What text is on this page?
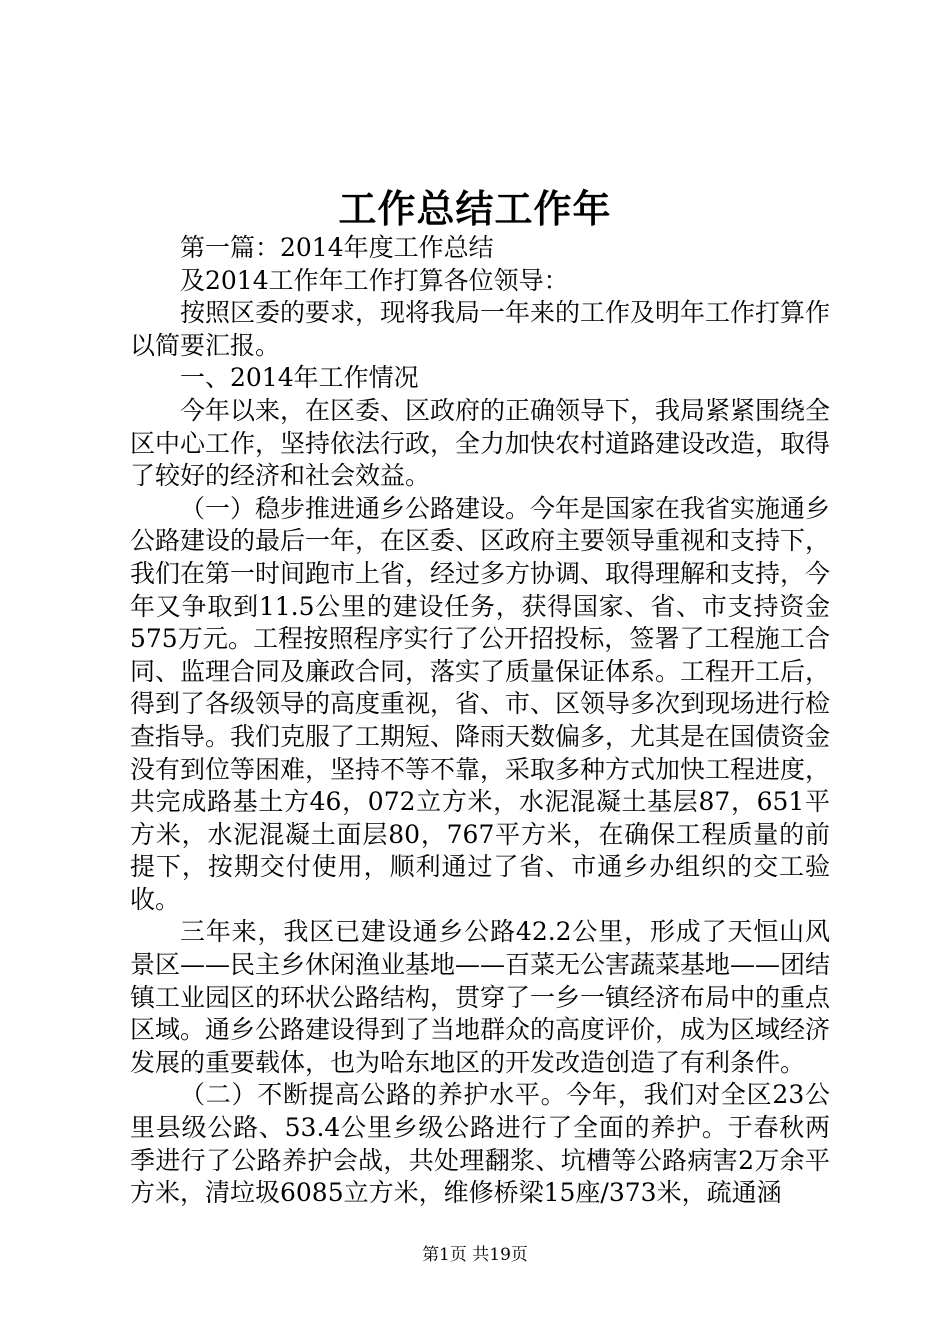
工作总结工作年

第一篇：2014年度工作总结

及2014工作年工作打算各位领导：

按照区委的要求，现将我局一年来的工作及明年工作打算作以简要汇报。

一、2014年工作情况

今年以来，在区委、区政府的正确领导下，我局紧紧围绕全区中心工作，坚持依法行政，全力加快农村道路建设改造，取得了较好的经济和社会效益。

（一）稳步推进通乡公路建设。今年是国家在我省实施通乡公路建设的最后一年，在区委、区政府主要领导重视和支持下，我们在第一时间跑市上省，经过多方协调、取得理解和支持，今年又争取到11.5公里的建设任务，获得国家、省、市支持资金575万元。工程按照程序实行了公开招投标，签署了工程施工合同、监理合同及廉政合同，落实了质量保证体系。工程开工后，得到了各级领导的高度重视，省、市、区领导多次到现场进行检查指导。我们克服了工期短、降雨天数偏多，尤其是在国债资金没有到位等困难，坚持不等不靠，采取多种方式加快工程进度，共完成路基土方46，072立方米，水泥混凝土基层87，651平方米，水泥混凝土面层80，767平方米，在确保工程质量的前提下，按期交付使用，顺利通过了省、市通乡办组织的交工验收。

三年来，我区已建设通乡公路42.2公里，形成了天恒山风景区——民主乡休闲渔业基地——百菜无公害蔬菜基地——团结镇工业园区的环状公路结构，贯穿了一乡一镇经济布局中的重点区域。通乡公路建设得到了当地群众的高度评价，成为区域经济发展的重要载体，也为哈东地区的开发改造创造了有利条件。

（二）不断提高公路的养护水平。今年，我们对全区23公里县级公路、53.4公里乡级公路进行了全面的养护。于春秋两季进行了公路养护会战，共处理翻浆、坑槽等公路病害2万余平方米，清垃圾6085立方米，维修桥梁15座/373米，疏通涵

第1页 共19页
